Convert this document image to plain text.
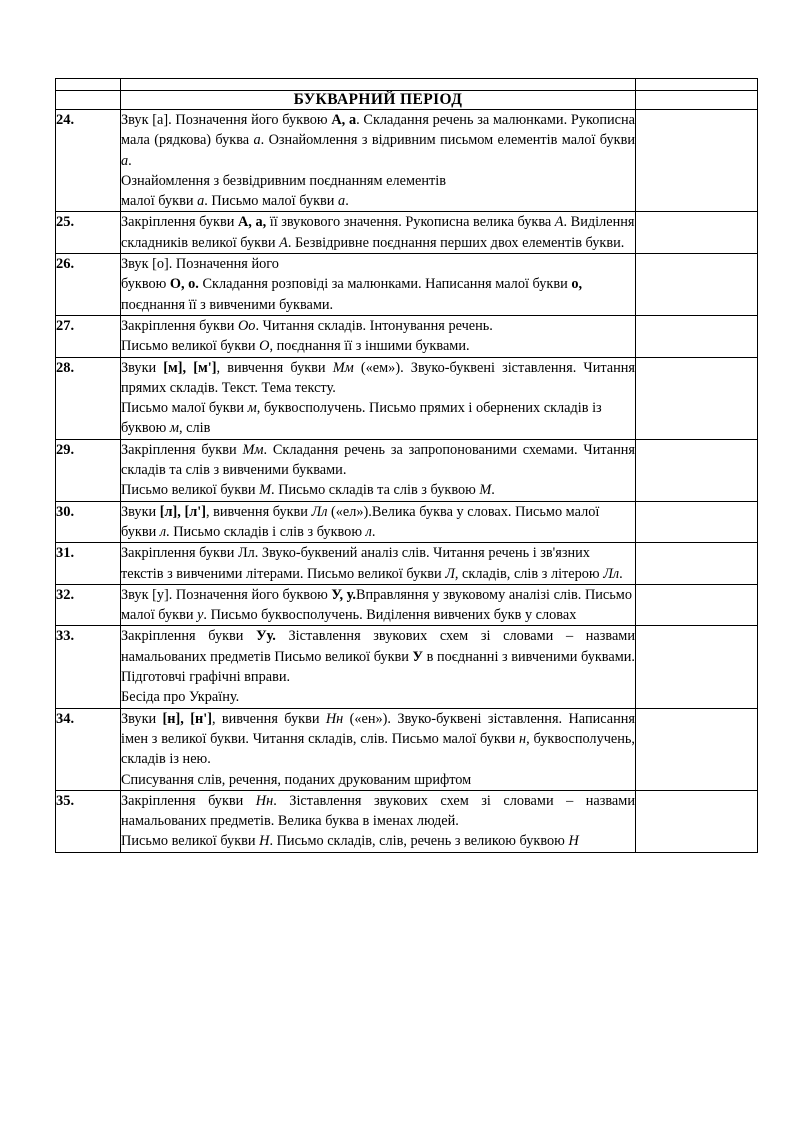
	БУКВАРНИЙ ПЕРІОД	
24.	Звук [а]. Позначення його буквою А, а. Складання речень за малюнками. Рукописна мала (рядкова) буква а. Ознайомлення з відривним письмом елементів малої букви а.

Ознайомлення з безвідривним поєднанням елементів

малої букви а. Письмо малої букви а.	

25.	Закріплення букви А, а, її звукового значення. Рукописна велика буква А. Виділення складників великої букви А. Безвідривне поєднання перших двох елементів букви.	

26.	Звук [о]. Позначення його

буквою О, о. Складання розповіді за малюнками. Написання малої букви о, поєднання її з вивченими буквами.	

27.	Закріплення букви Оо. Читання складів. Інтонування речень.

Письмо великої букви О, поєднання її з іншими буквами.	

28.	Звуки [м], [м'], вивчення букви Мм («ем»). Звуко-буквені зіставлення. Читання прямих складів. Текст. Тема тексту.

Письмо малої букви м, буквосполучень. Письмо прямих і обернених складів із буквою м, слів	

29.	Закріплення букви Мм. Складання речень за запропонованими схемами. Читання складів та слів з вивченими буквами.

Письмо великої букви М. Письмо складів та слів з буквою М.	

30.	Звуки [л], [л'], вивчення букви Лл («ел»).Велика буква у словах. Письмо малої букви л. Письмо складів і слів з буквою л.	

31.	Закріплення букви Лл. Звуко-буквений аналіз слів. Читання речень і зв'язних текстів з вивченими літерами. Письмо великої букви Л, складів, слів з літерою Лл.	

32.	Звук [у]. Позначення його буквою У, у.Вправляння у звуковому аналізі слів. Письмо малої букви у. Письмо буквосполучень. Виділення вивчених букв у словах	

33.	Закріплення букви Уу. Зіставлення звукових схем зі словами – назвами намальованих предметів Письмо великої букви У в поєднанні з вивченими буквами. Підготовчі графічні вправи.

Бесіда про Україну.	

34.	Звуки [н], [н'], вивчення букви Нн («ен»). Звуко-буквені зіставлення. Написання імен з великої букви. Читання складів, слів. Письмо малої букви н, буквосполучень, складів із нею.

Списування слів, речення, поданих друкованим шрифтом	

35.	Закріплення букви Нн. Зіставлення звукових схем зі словами – назвами намальованих предметів. Велика буква в іменах людей.

Письмо великої букви Н. Письмо складів, слів, речень з великою буквою Н	
